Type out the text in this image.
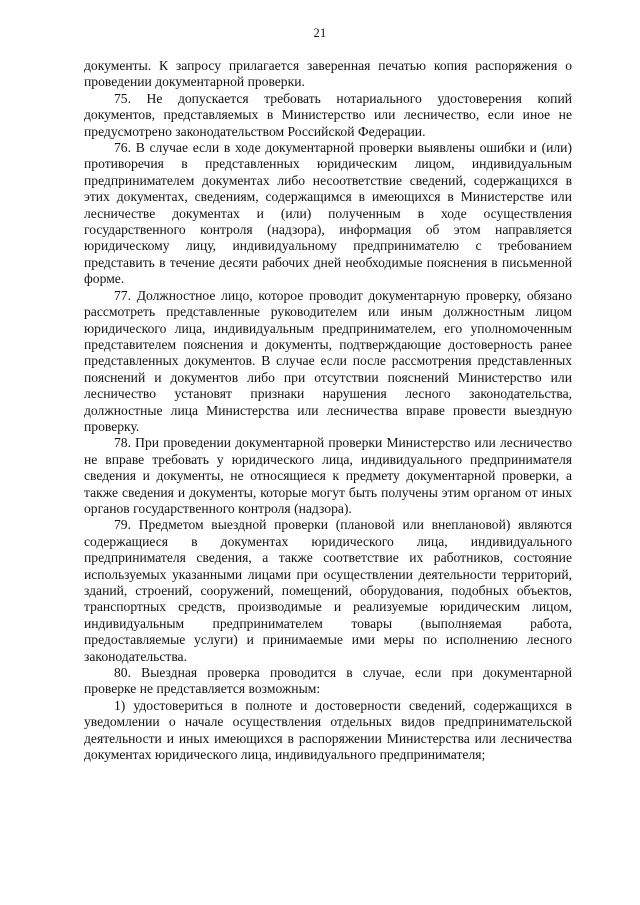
21

документы. К запросу прилагается заверенная печатью копия распоряжения о проведении документарной проверки.

75. Не допускается требовать нотариального удостоверения копий документов, представляемых в Министерство или лесничество, если иное не предусмотрено законодательством Российской Федерации.

76. В случае если в ходе документарной проверки выявлены ошибки и (или) противоречия в представленных юридическим лицом, индивидуальным предпринимателем документах либо несоответствие сведений, содержащихся в этих документах, сведениям, содержащимся в имеющихся в Министерстве или лесничестве документах и (или) полученным в ходе осуществления государственного контроля (надзора), информация об этом направляется юридическому лицу, индивидуальному предпринимателю с требованием представить в течение десяти рабочих дней необходимые пояснения в письменной форме.

77. Должностное лицо, которое проводит документарную проверку, обязано рассмотреть представленные руководителем или иным должностным лицом юридического лица, индивидуальным предпринимателем, его уполномоченным представителем пояснения и документы, подтверждающие достоверность ранее представленных документов. В случае если после рассмотрения представленных пояснений и документов либо при отсутствии пояснений Министерство или лесничество установят признаки нарушения лесного законодательства, должностные лица Министерства или лесничества вправе провести выездную проверку.

78. При проведении документарной проверки Министерство или лесничество не вправе требовать у юридического лица, индивидуального предпринимателя сведения и документы, не относящиеся к предмету документарной проверки, а также сведения и документы, которые могут быть получены этим органом от иных органов государственного контроля (надзора).

79. Предметом выездной проверки (плановой или внеплановой) являются содержащиеся в документах юридического лица, индивидуального предпринимателя сведения, а также соответствие их работников, состояние используемых указанными лицами при осуществлении деятельности территорий, зданий, строений, сооружений, помещений, оборудования, подобных объектов, транспортных средств, производимые и реализуемые юридическим лицом, индивидуальным предпринимателем товары (выполняемая работа, предоставляемые услуги) и принимаемые ими меры по исполнению лесного законодательства.

80. Выездная проверка проводится в случае, если при документарной проверке не представляется возможным:

1) удостовериться в полноте и достоверности сведений, содержащихся в уведомлении о начале осуществления отдельных видов предпринимательской деятельности и иных имеющихся в распоряжении Министерства или лесничества документах юридического лица, индивидуального предпринимателя;
